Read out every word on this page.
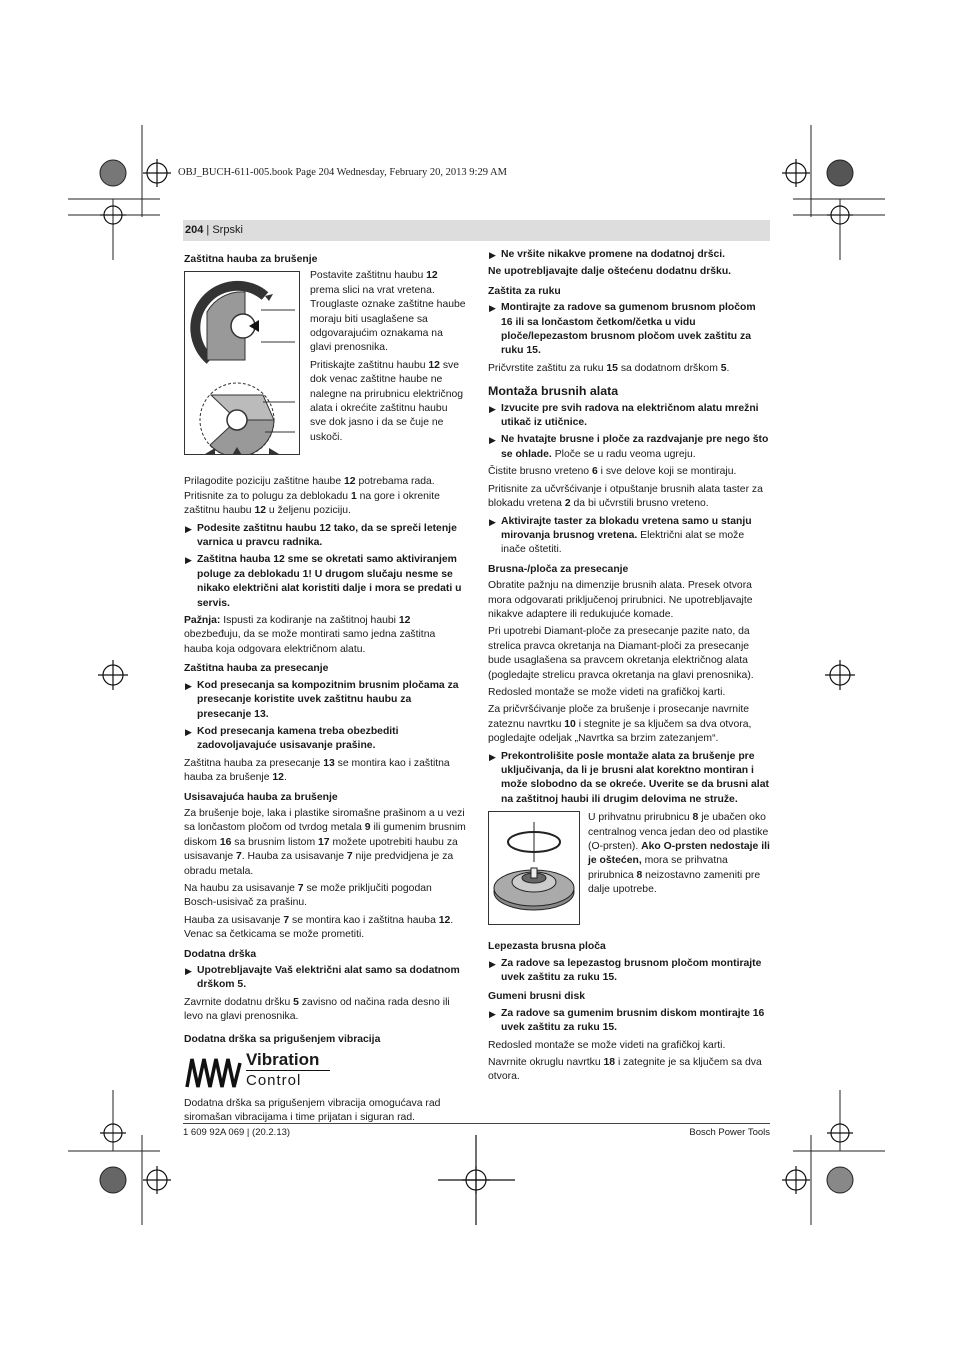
OBJ_BUCH-611-005.book Page 204 Wednesday, February 20, 2013 9:29 AM
204 | Srpski
Zaštitna hauba za brušenje

Postavite zaštitnu haubu 12 prema slici na vrat vretena. Trouglaste oznake zaštitne haube moraju biti usaglašene sa odgovarajućim oznakama na glavi prenosnika.

Pritiskajte zaštitnu haubu 12 sve dok venac zaštitne haube ne nalegne na prirubnicu električnog alata i okrećite zaštitnu haubu sve dok jasno i da se čuje ne uskoči.

Prilagodite poziciju zaštitne haube 12 potrebama rada. Pritisnite za to polugu za deblokadu 1 na gore i okrenite zaštitnu haubu 12 u željenu poziciju.

▶ Podesite zaštitnu haubu 12 tako, da se spreči letenje varnica u pravcu radnika.
▶ Zaštitna hauba 12 sme se okretati samo aktiviranjem poluge za deblokadu 1! U drugom slučaju nesme se nikako električni alat koristiti dalje i mora se predati u servis.

Pažnja: Ispusti za kodiranje na zaštitnoj haubi 12 obezbeđuju, da se može montirati samo jedna zaštitna hauba koja odgovara električnom alatu.

Zaštitna hauba za presecanje
▶ Kod presecanja sa kompozitnim brusnim pločama za presecanje koristite uvek zaštitnu haubu za presecanje 13.
▶ Kod presecanja kamena treba obezbediti zadovoljavajuće usisavanje prašine.

Zaštitna hauba za presecanje 13 se montira kao i zaštitna hauba za brušenje 12.

Usisavajuća hauba za brušenje

Za brušenje boje, laka i plastike siromašne prašinom a u vezi sa lončastom pločom od tvrdog metala 9 ili gumenim brusnim diskom 16 sa brusnim listom 17 možete upotrebiti haubu za usisavanje 7. Hauba za usisavanje 7 nije predvidjena je za obradu metala.

Na haubu za usisavanje 7 se može priključiti pogodan Bosch-usisivač za prašinu.

Hauba za usisavanje 7 se montira kao i zaštitna hauba 12. Venac sa četkicama se može prometiti.

Dodatna drška
▶ Upotrebljavajte Vaš električni alat samo sa dodatnom drškom 5.

Zavrnite dodatnu dršku 5 zavisno od načina rada desno ili levo na glavi prenosnika.

Dodatna drška sa prigušenjem vibracija
Vibration
Control

Dodatna drška sa prigušenjem vibracija omogućava rad siromašan vibracijama i time prijatan i siguran rad.

▶ Ne vršite nikakve promene na dodatnoj dršci.

Ne upotrebljavajte dalje oštećenu dodatnu dršku.

Zaštita za ruku
▶ Montirajte za radove sa gumenom brusnom pločom 16 ili sa lončastom četkom/četka u vidu ploče/lepezastom brusnom pločom uvek zaštitu za ruku 15.

Pričvrstite zaštitu za ruku 15 sa dodatnom drškom 5.

Montaža brusnih alata
▶ Izvucite pre svih radova na električnom alatu mrežni utikač iz utičnice.
▶ Ne hvatajte brusne i ploče za razdvajanje pre nego što se ohlade. Ploče se u radu veoma ugreju.

Čistite brusno vreteno 6 i sve delove koji se montiraju.

Pritisnite za učvršćivanje i otpuštanje brusnih alata taster za blokadu vretena 2 da bi učvrstili brusno vreteno.

▶ Aktivirajte taster za blokadu vretena samo u stanju mirovanja brusnog vretena. Električni alat se može inače oštetiti.
Brusna-/ploča za presecanje

Obratite pažnju na dimenzije brusnih alata. Presek otvora mora odgovarati priključenoj prirubnici. Ne upotrebljavajte nikakve adaptere ili redukujuće komade.

Pri upotrebi Diamant-ploče za presecanje pazite nato, da strelica pravca okretanja na Diamant-ploči za presecanje bude usaglašena sa pravcem okretanja električnog alata (pogledajte strelicu pravca okretanja na glavi prenosnika).

Redosled montaže se može videti na grafičkoj karti.

Za pričvršćivanje ploče za brušenje i prosecanje navrnite zateznu navrtku 10 i stegnite je sa ključem sa dva otvora, pogledajte odeljak „Navrtka sa brzim zatezanjem“.

▶ Prekontrolišite posle montaže alata za brušenje pre uključivanja, da li je brusni alat korektno montiran i može slobodno da se okreće. Uverite se da brusni alat na zaštitnoj haubi ili drugim delovima ne struže.

U prihvatnu prirubnicu 8 je ubačen oko centralnog venca jedan deo od plastike (O-prsten). Ako O-prsten nedostaje ili je oštećen, mora se prihvatna prirubnica 8 neizostavno zameniti pre dalje upotrebe.

Lepezasta brusna ploča
▶ Za radove sa lepezastog brusnom pločom montirajte uvek zaštitu za ruku 15.
Gumeni brusni disk
▶ Za radove sa gumenim brusnim diskom montirajte 16 uvek zaštitu za ruku 15.

Redosled montaže se može videti na grafičkoj karti.

Navrnite okruglu navrtku 18 i zategnite je sa ključem sa dva otvora.

1 609 92A 069 | (20.2.13)	Bosch Power Tools
